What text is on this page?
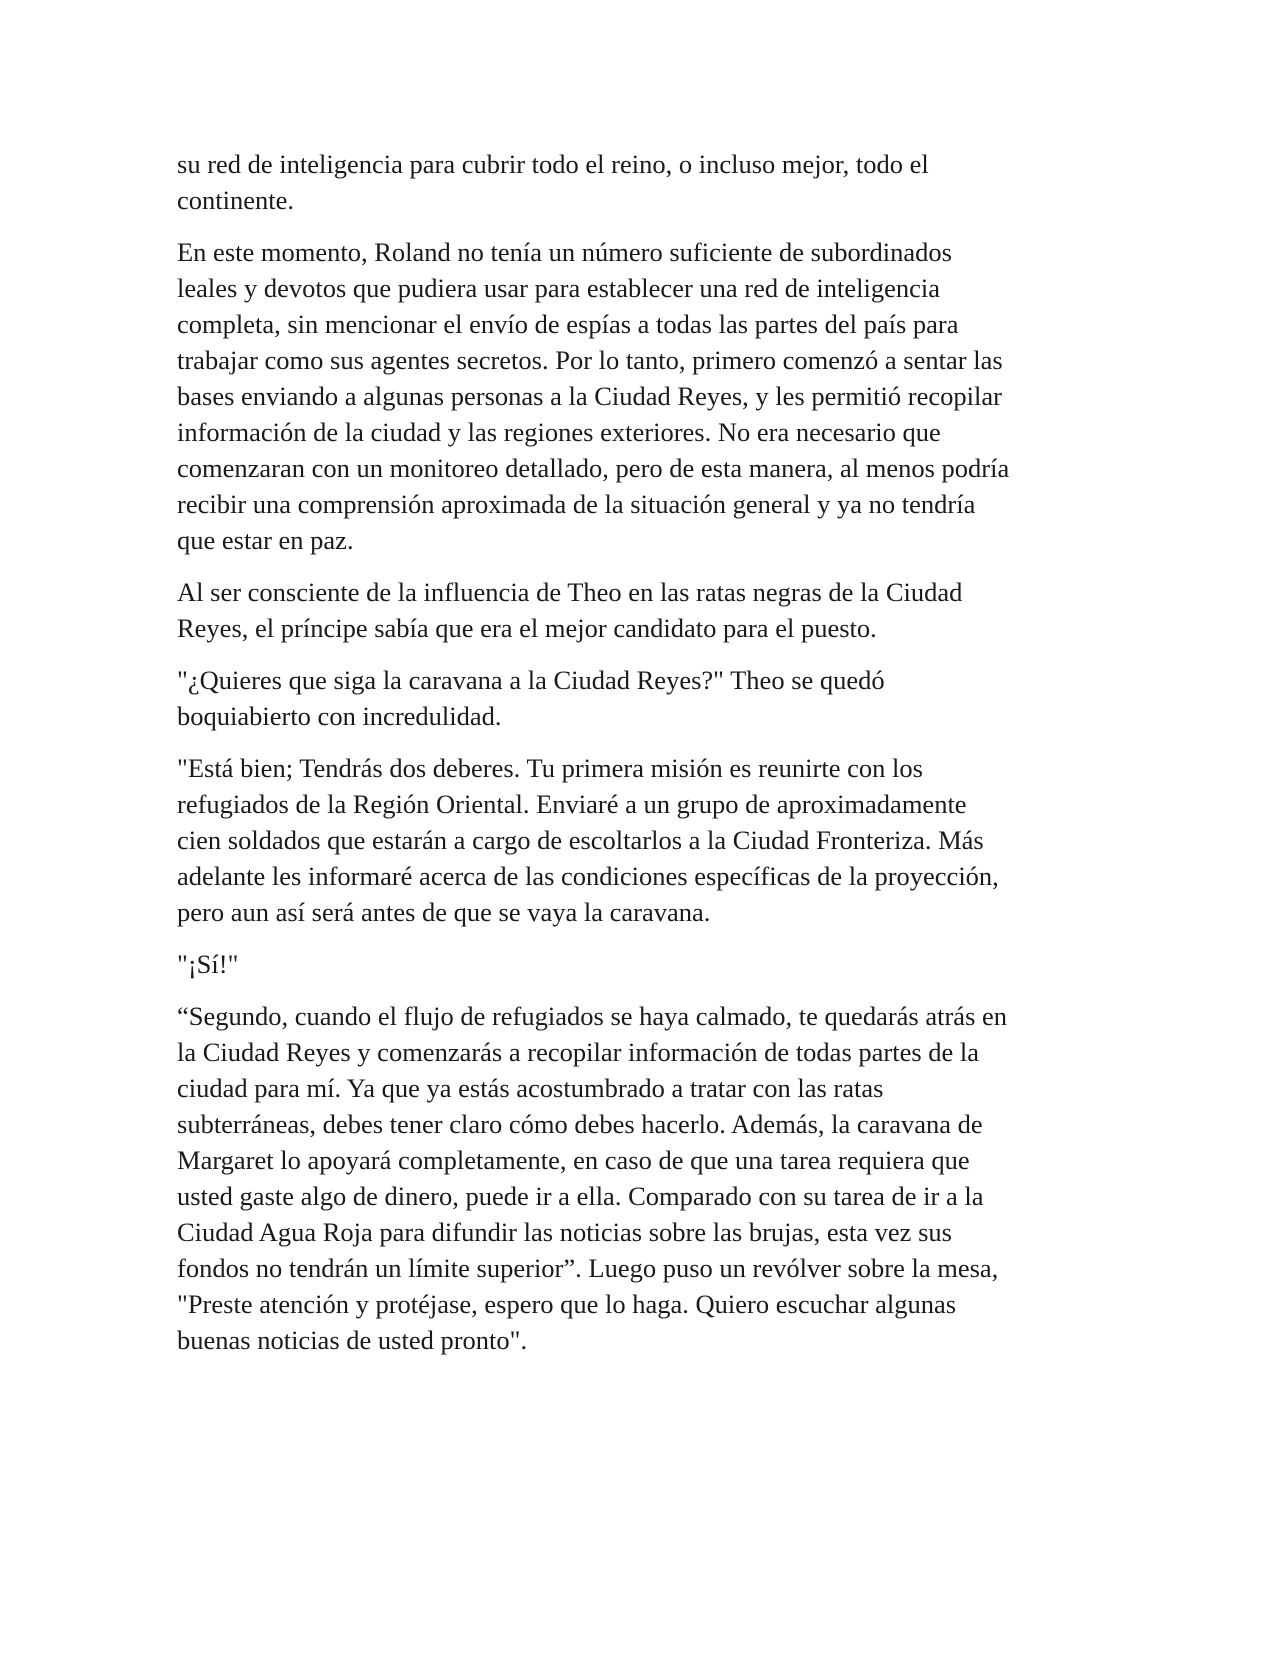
su red de inteligencia para cubrir todo el reino, o incluso mejor, todo el
continente.

En este momento, Roland no tenía un número suficiente de subordinados
leales y devotos que pudiera usar para establecer una red de inteligencia
completa, sin mencionar el envío de espías a todas las partes del país para
trabajar como sus agentes secretos. Por lo tanto, primero comenzó a sentar las
bases enviando a algunas personas a la Ciudad Reyes, y les permitió recopilar
información de la ciudad y las regiones exteriores. No era necesario que
comenzaran con un monitoreo detallado, pero de esta manera, al menos podría
recibir una comprensión aproximada de la situación general y ya no tendría
que estar en paz.

Al ser consciente de la influencia de Theo en las ratas negras de la Ciudad
Reyes, el príncipe sabía que era el mejor candidato para el puesto.

"¿Quieres que siga la caravana a la Ciudad Reyes?" Theo se quedó
boquiabierto con incredulidad.

"Está bien; Tendrás dos deberes. Tu primera misión es reunirte con los
refugiados de la Región Oriental. Enviaré a un grupo de aproximadamente
cien soldados que estarán a cargo de escoltarlos a la Ciudad Fronteriza. Más
adelante les informaré acerca de las condiciones específicas de la proyección,
pero aun así será antes de que se vaya la caravana.

"¡Sí!"

“Segundo, cuando el flujo de refugiados se haya calmado, te quedarás atrás en
la Ciudad Reyes y comenzarás a recopilar información de todas partes de la
ciudad para mí. Ya que ya estás acostumbrado a tratar con las ratas
subterráneas, debes tener claro cómo debes hacerlo. Además, la caravana de
Margaret lo apoyará completamente, en caso de que una tarea requiera que
usted gaste algo de dinero, puede ir a ella. Comparado con su tarea de ir a la
Ciudad Agua Roja para difundir las noticias sobre las brujas, esta vez sus
fondos no tendrán un límite superior”. Luego puso un revólver sobre la mesa,
"Preste atención y protéjase, espero que lo haga. Quiero escuchar algunas
buenas noticias de usted pronto".
